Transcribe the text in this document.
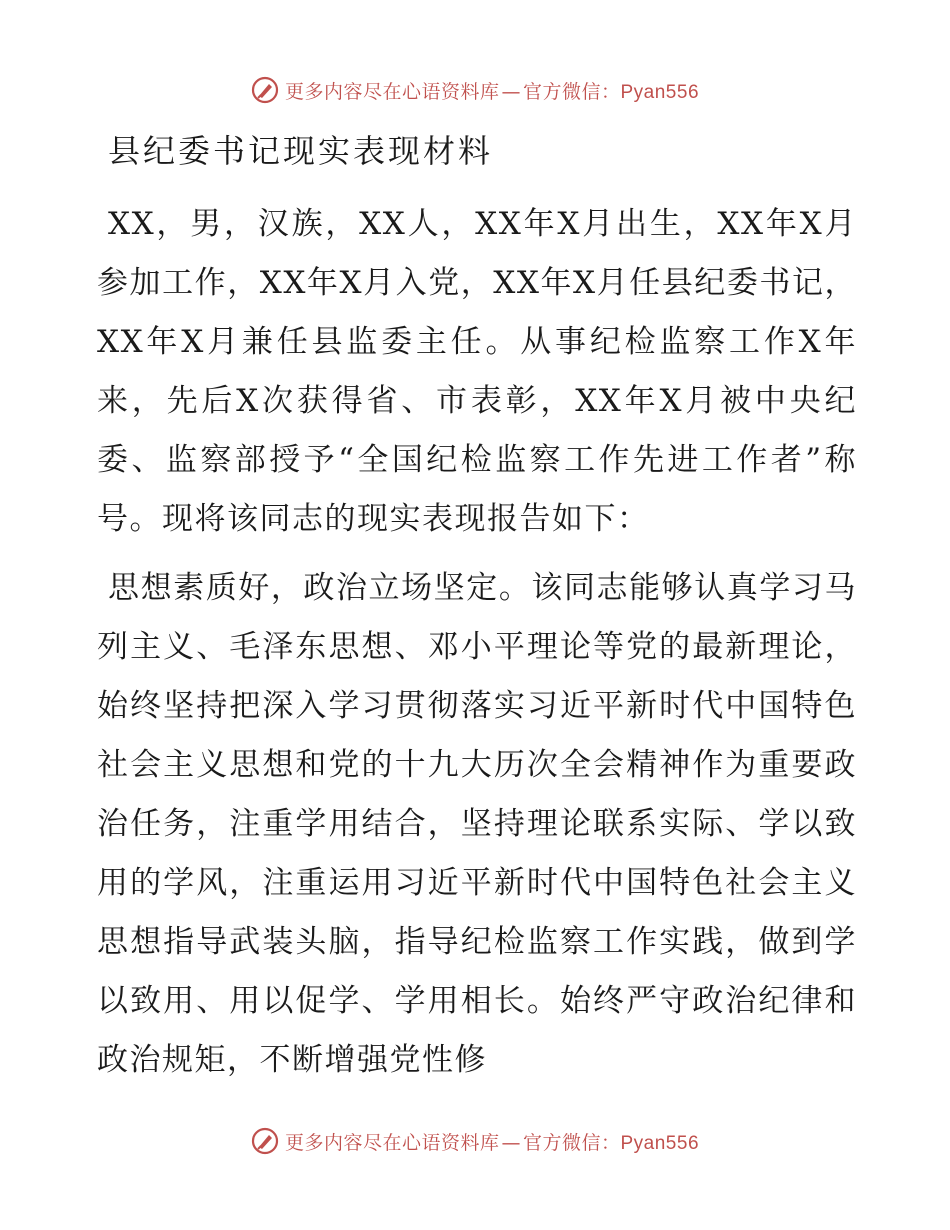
更多内容尽在心语资料库 — 官方微信：Pyan556
县纪委书记现实表现材料

XX，男，汉族，XX人，XX年X月出生，XX年X月参加工作，XX年X月入党，XX年X月任县纪委书记，XX年X月兼任县监委主任。从事纪检监察工作X年来，先后X次获得省、市表彰，XX年X月被中央纪委、监察部授予“全国纪检监察工作先进工作者”称号。现将该同志的现实表现报告如下：

思想素质好，政治立场坚定。该同志能够认真学习马列主义、毛泽东思想、邓小平理论等党的最新理论，始终坚持把深入学习贯彻落实习近平新时代中国特色社会主义思想和党的十九大历次全会精神作为重要政治任务，注重学用结合，坚持理论联系实际、学以致用的学风，注重运用习近平新时代中国特色社会主义思想指导武装头脑，指导纪检监察工作实践，做到学以致用、用以促学、学用相长。始终严守政治纪律和政治规矩，不断增强党性修

更多内容尽在心语资料库 — 官方微信：Pyan556
